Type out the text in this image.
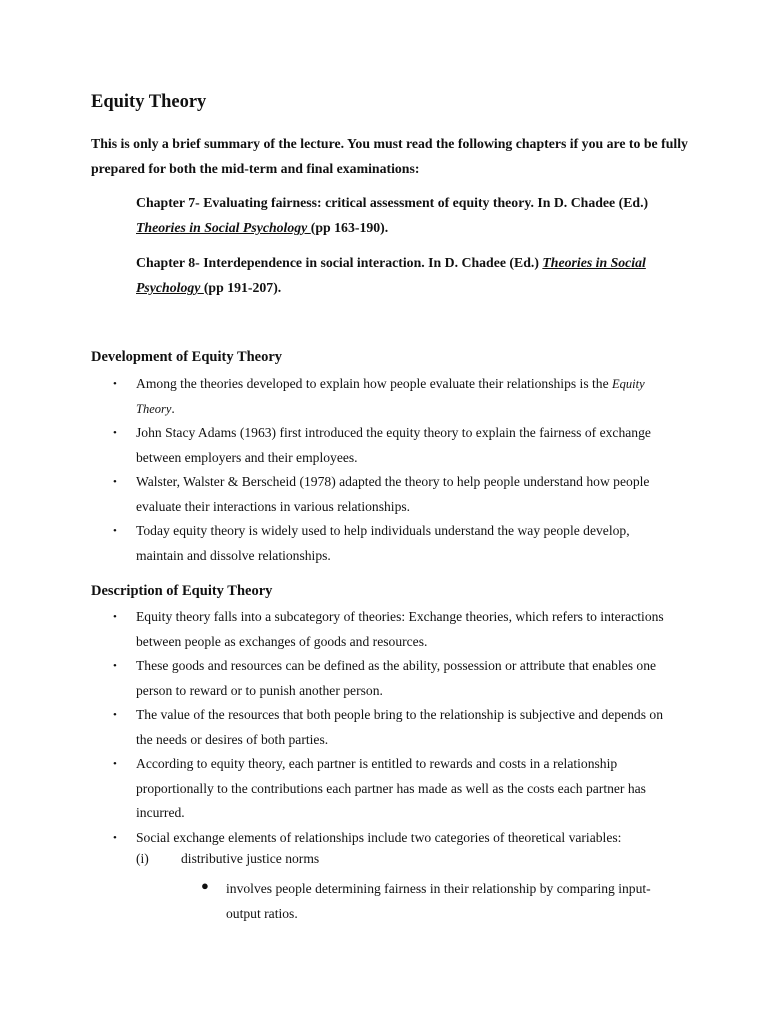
Equity Theory
This is only a brief summary of the lecture. You must read the following chapters if you are to be fully prepared for both the mid-term and final examinations:
Chapter 7- Evaluating fairness: critical assessment of equity theory. In D. Chadee (Ed.) Theories in Social Psychology (pp 163-190).
Chapter 8- Interdependence in social interaction. In D. Chadee (Ed.) Theories in Social Psychology (pp 191-207).
Development of Equity Theory
• Among the theories developed to explain how people evaluate their relationships is the Equity Theory.
• John Stacy Adams (1963) first introduced the equity theory to explain the fairness of exchange between employers and their employees.
• Walster, Walster & Berscheid (1978) adapted the theory to help people understand how people evaluate their interactions in various relationships.
• Today equity theory is widely used to help individuals understand the way people develop, maintain and dissolve relationships.
Description of Equity Theory
• Equity theory falls into a subcategory of theories: Exchange theories, which refers to interactions between people as exchanges of goods and resources.
• These goods and resources can be defined as the ability, possession or attribute that enables one person to reward or to punish another person.
• The value of the resources that both people bring to the relationship is subjective and depends on the needs or desires of both parties.
• According to equity theory, each partner is entitled to rewards and costs in a relationship proportionally to the contributions each partner has made as well as the costs each partner has incurred.
• Social exchange elements of relationships include two categories of theoretical variables:
(i) distributive justice norms
● involves people determining fairness in their relationship by comparing input-output ratios.
